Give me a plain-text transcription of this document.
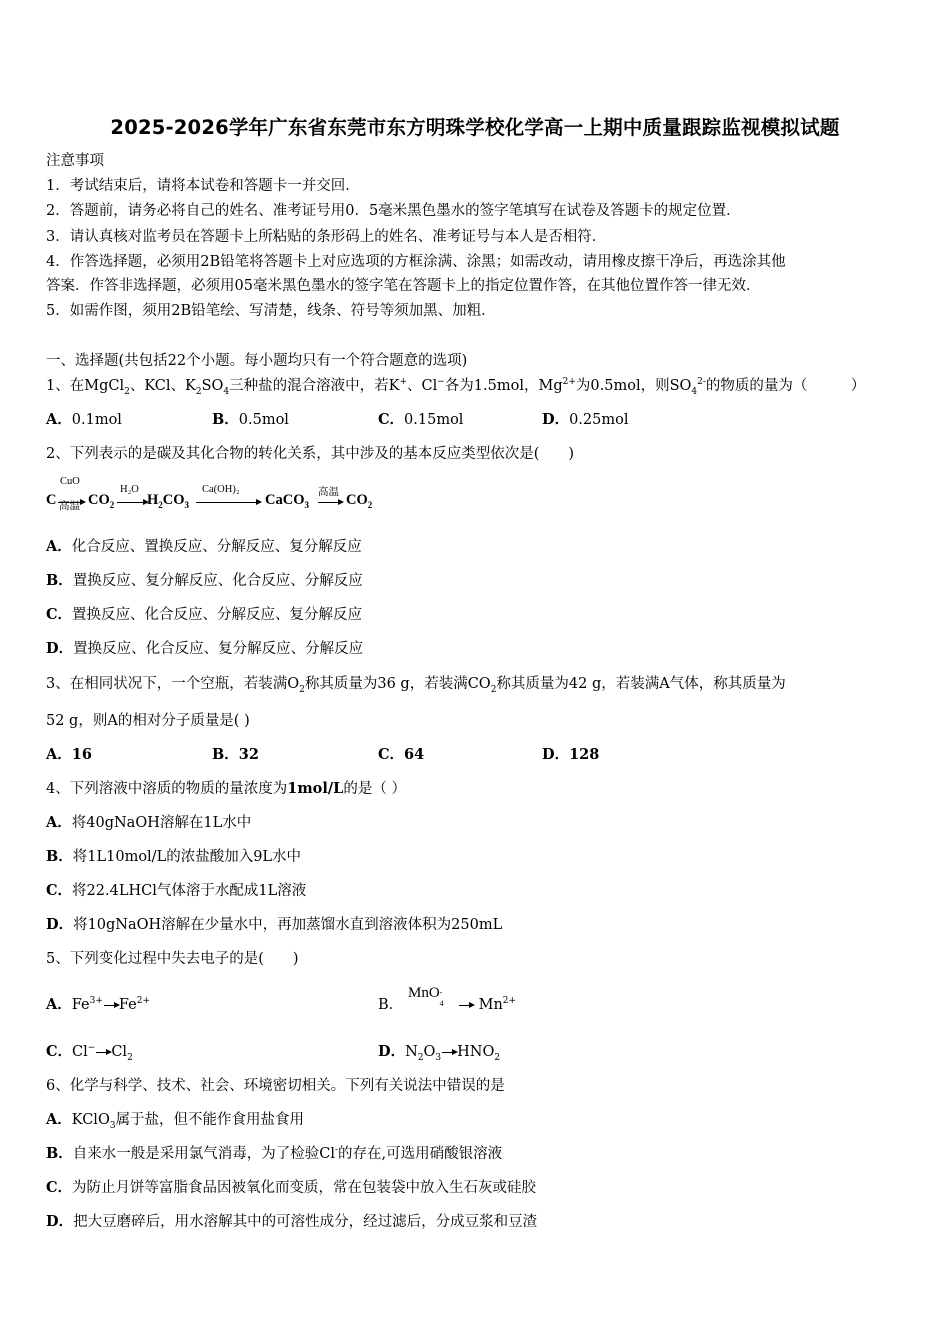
2025-2026学年广东省东莞市东方明珠学校化学高一上期中质量跟踪监视模拟试题
注意事项
1．考试结束后，请将本试卷和答题卡一并交回．
2．答题前，请务必将自己的姓名、准考证号用0．5毫米黑色墨水的签字笔填写在试卷及答题卡的规定位置．
3．请认真核对监考员在答题卡上所粘贴的条形码上的姓名、准考证号与本人是否相符．
4．作答选择题，必须用2B铅笔将答题卡上对应选项的方框涂满、涂黑；如需改动，请用橡皮擦干净后，再选涂其他
答案．作答非选择题，必须用05毫米黑色墨水的签字笔在答题卡上的指定位置作答，在其他位置作答一律无效．
5．如需作图，须用2B铅笔绘、写清楚，线条、符号等须加黑、加粗．
一、选择题(共包括22个小题。每小题均只有一个符合题意的选项)
1、在MgCl$_2$、KCl、$K_2SO_4$三种盐的混合溶液中，若K+、Cl−各为1.5mol，$Mg^{2+}$为0.5mol，则$SO_4^{2-}$的物质的量为（　　　）
A．0.1mol	B．0.5mol	C．0.15mol	D．0.25mol
2、下列表示的是碳及其化合物的转化关系，其中涉及的基本反应类型依次是(　　)
C
CuO
高温 $CO_2$
H₂O
$H_2CO_3$
Ca(OH)₂
CaCO$_3$
高温 $CO_2$
A．化合反应、置换反应、分解反应、复分解反应
B．置换反应、复分解反应、化合反应、分解反应
C．置换反应、化合反应、分解反应、复分解反应
D．置换反应、化合反应、复分解反应、分解反应
3、在相同状况下，一个空瓶，若装满$O_2$称其质量为36 g，若装满$CO_2$称其质量为42 g，若装满A气体，称其质量为
52 g，则A的相对分子质量是( )
A．16	B．32	C．64	D．128
4、下列溶液中溶质的物质的量浓度为1mol/L的是（ ）
A．将40gNaOH溶解在1L水中
B．将1L10mol/L的浓盐酸加入9L水中
C．将22.4LHCl气体溶于水配成1L溶液
D．将10gNaOH溶解在少量水中，再加蒸馏水直到溶液体积为250mL
5、下列变化过程中失去电子的是(　　)
A．$Fe^{3+}$ $Fe^{2+}$	B．
MnO -
4	$Mn^{2+}$
C．Cl− $Cl_2$	D．$N_2O_3$ $HNO_2$
6、化学与科学、技术、社会、环境密切相关。下列有关说法中错误的是
A．KClO$_3$属于盐，但不能作食用盐食用
B．自来水一般是采用氯气消毒，为了检验Cl-的存在,可选用硝酸银溶液
C．为防止月饼等富脂食品因被氧化而变质，常在包装袋中放入生石灰或硅胶
D．把大豆磨碎后，用水溶解其中的可溶性成分，经过滤后，分成豆浆和豆渣
